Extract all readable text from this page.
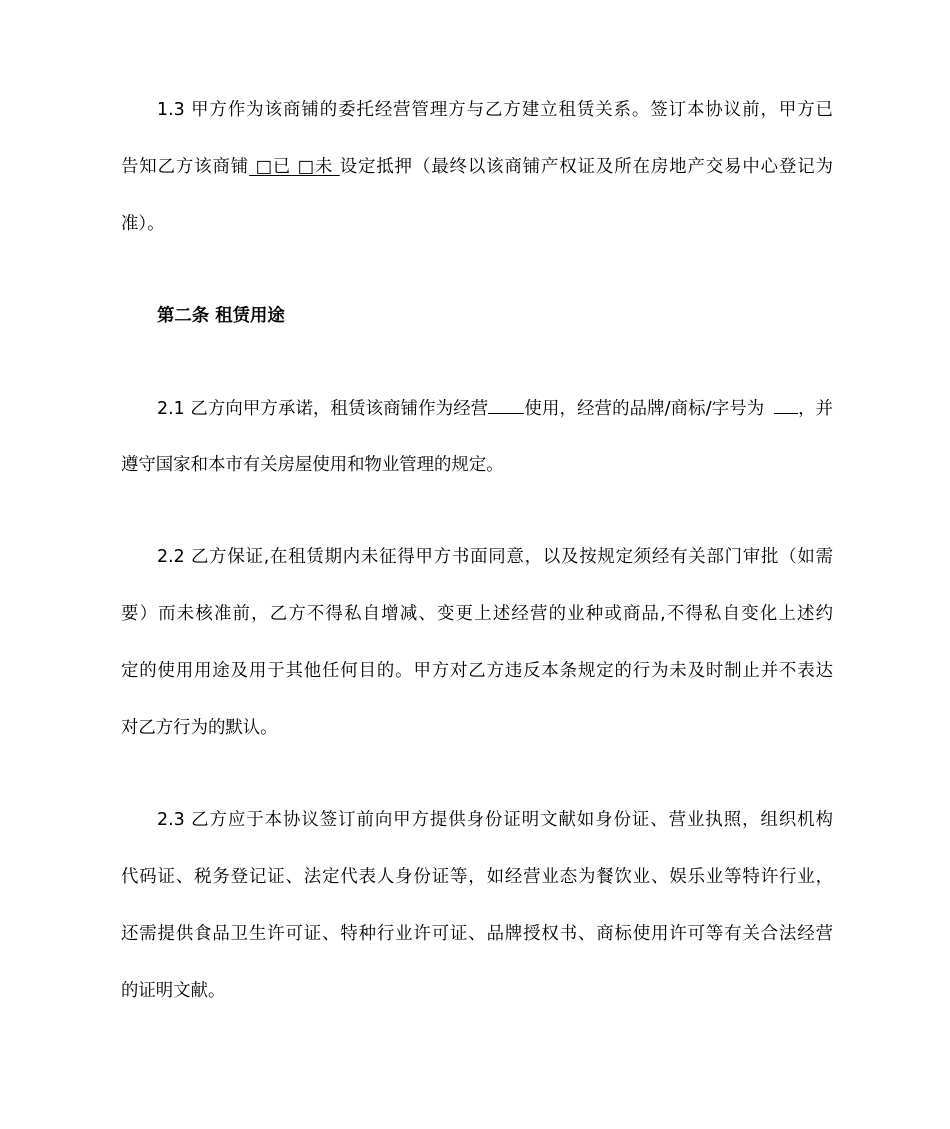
1.3 甲方作为该商铺的委托经营管理方与乙方建立租赁关系。签订本协议前，甲方已
告知乙方该商铺 □已 □未 设定抵押（最终以该商铺产权证及所在房地产交易中心登记为
准）。
第二条 租赁用途
2.1 乙方向甲方承诺，租赁该商铺作为经营 使用，经营的品牌/商标/字号为 ，并
遵守国家和本市有关房屋使用和物业管理的规定。
2.2 乙方保证,在租赁期内未征得甲方书面同意，以及按规定须经有关部门审批（如需
要）而未核准前，乙方不得私自增减、变更上述经营的业种或商品,不得私自变化上述约
定的使用用途及用于其他任何目的。甲方对乙方违反本条规定的行为未及时制止并不表达
对乙方行为的默认。
2.3 乙方应于本协议签订前向甲方提供身份证明文献如身份证、营业执照，组织机构
代码证、税务登记证、法定代表人身份证等，如经营业态为餐饮业、娱乐业等特许行业，
还需提供食品卫生许可证、特种行业许可证、品牌授权书、商标使用许可等有关合法经营
的证明文献。
